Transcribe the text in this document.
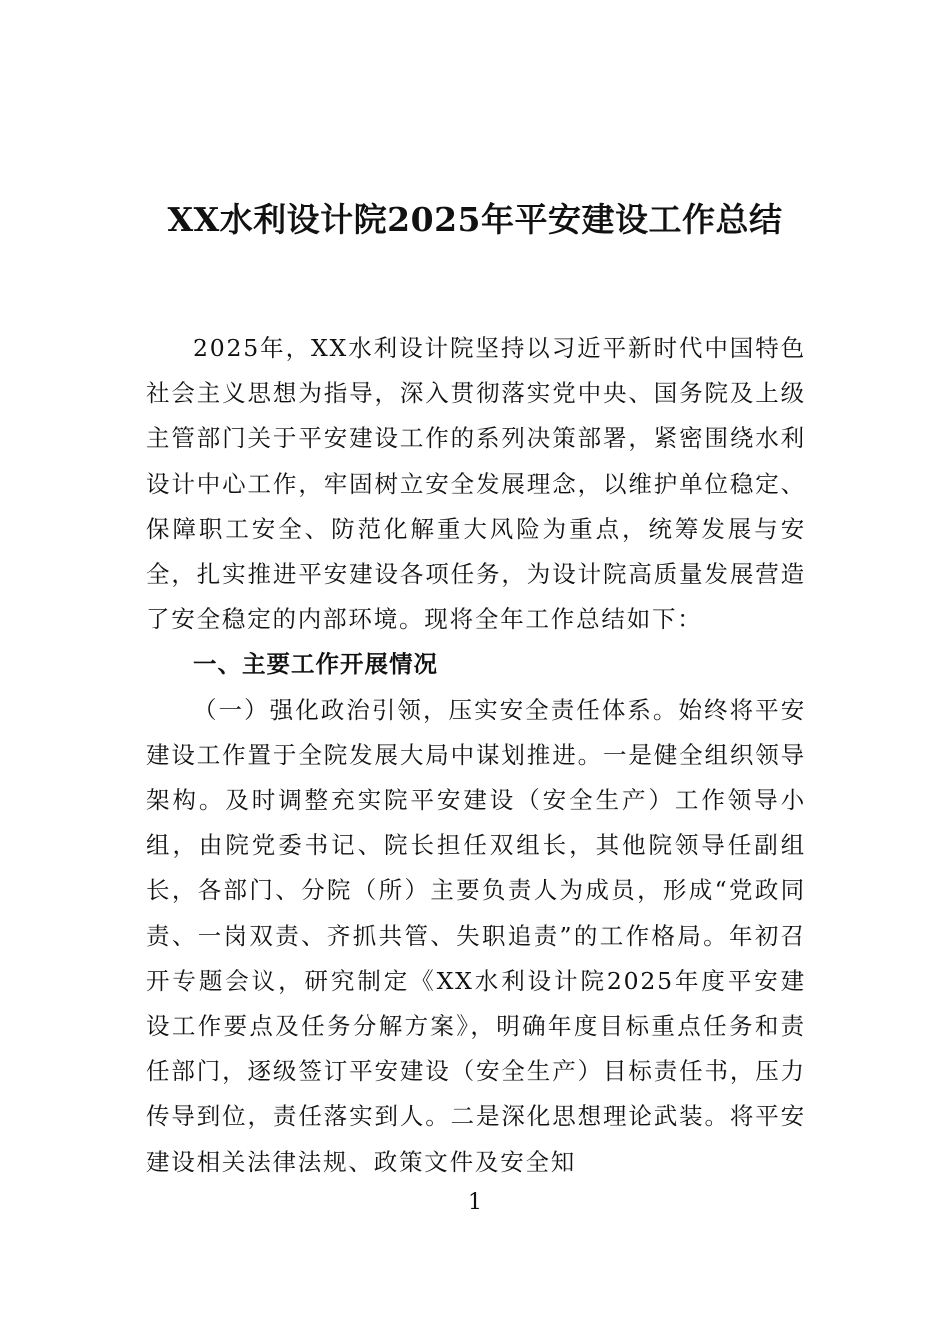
XX水利设计院2025年平安建设工作总结

2025年，XX水利设计院坚持以习近平新时代中国特色社会主义思想为指导，深入贯彻落实党中央、国务院及上级主管部门关于平安建设工作的系列决策部署，紧密围绕水利设计中心工作，牢固树立安全发展理念，以维护单位稳定、保障职工安全、防范化解重大风险为重点，统筹发展与安全，扎实推进平安建设各项任务，为设计院高质量发展营造了安全稳定的内部环境。现将全年工作总结如下：

一、主要工作开展情况

（一）强化政治引领，压实安全责任体系。始终将平安建设工作置于全院发展大局中谋划推进。一是健全组织领导架构。及时调整充实院平安建设（安全生产）工作领导小组，由院党委书记、院长担任双组长，其他院领导任副组长，各部门、分院（所）主要负责人为成员，形成“党政同责、一岗双责、齐抓共管、失职追责”的工作格局。年初召开专题会议，研究制定《XX水利设计院2025年度平安建设工作要点及任务分解方案》，明确年度目标重点任务和责任部门，逐级签订平安建设（安全生产）目标责任书，压力传导到位，责任落实到人。二是深化思想理论武装。将平安建设相关法律法规、政策文件及安全知

1
